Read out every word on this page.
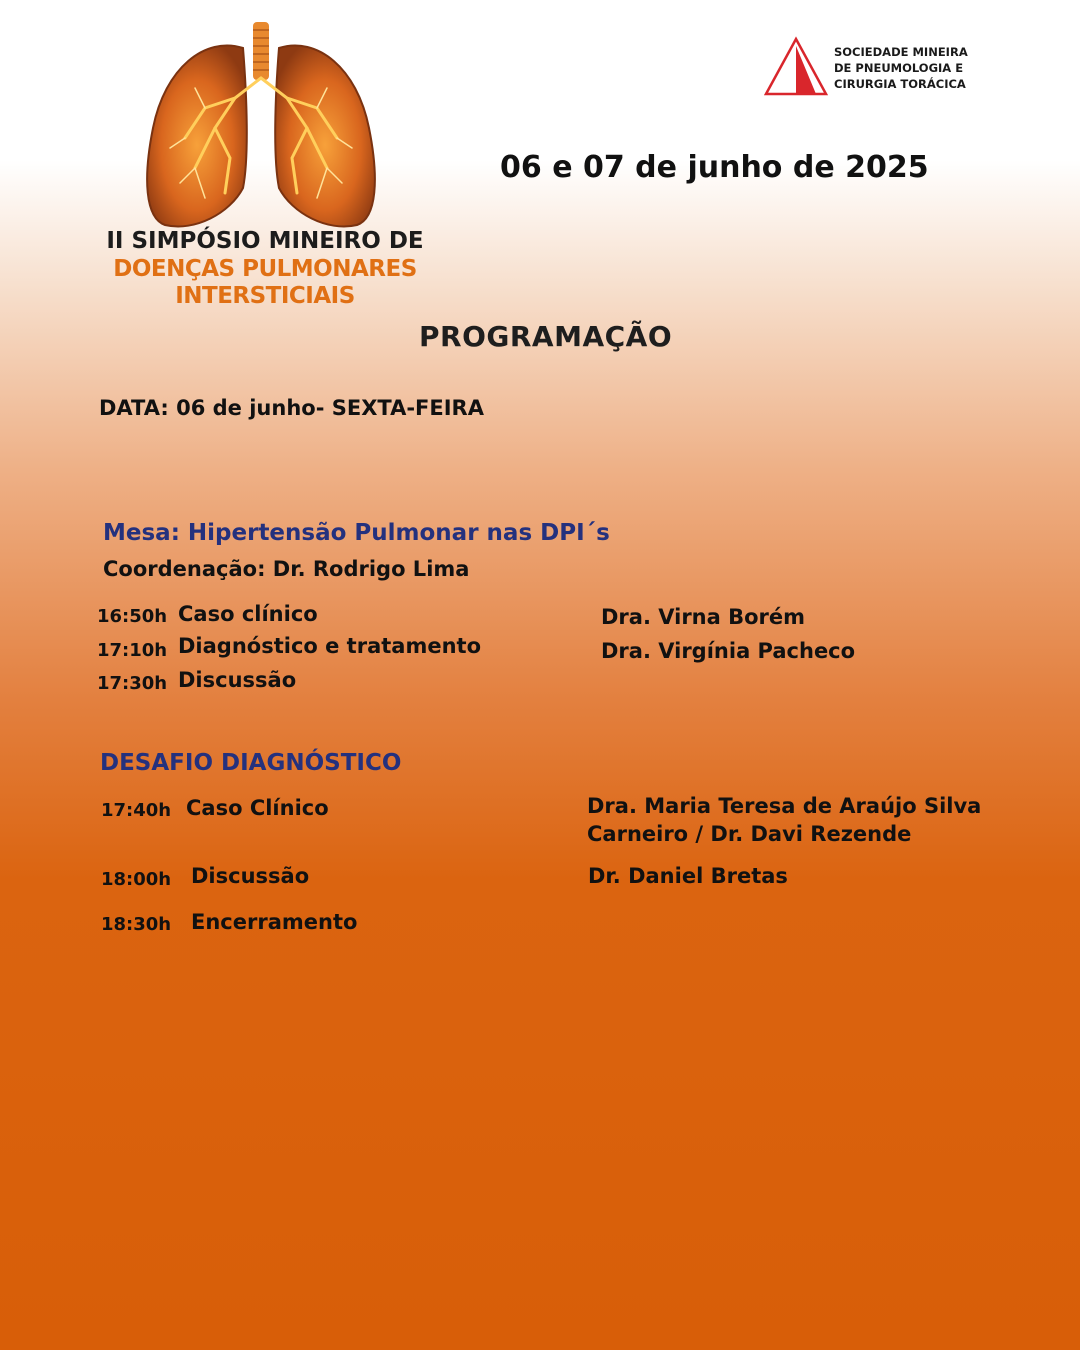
II SIMPÓSIO MINEIRO DE
DOENÇAS PULMONARES
INTERSTICIAIS
SOCIEDADE MINEIRA
DE PNEUMOLOGIA E
CIRURGIA TORÁCICA
06 e 07 de junho de 2025
PROGRAMAÇÃO
DATA: 06 de junho- SEXTA-FEIRA
Mesa: Hipertensão Pulmonar nas DPI´s
Coordenação: Dr. Rodrigo Lima
16:50h Caso clínico
17:10h Diagnóstico e tratamento
17:30h Discussão
Dra. Virna Borém
Dra. Virgínia Pacheco
DESAFIO DIAGNÓSTICO
17:40h Caso Clínico	Dra. Maria Teresa de Araújo Silva
Carneiro / Dr. Davi Rezende
18:00h Discussão	Dr. Daniel Bretas
18:30h Encerramento
